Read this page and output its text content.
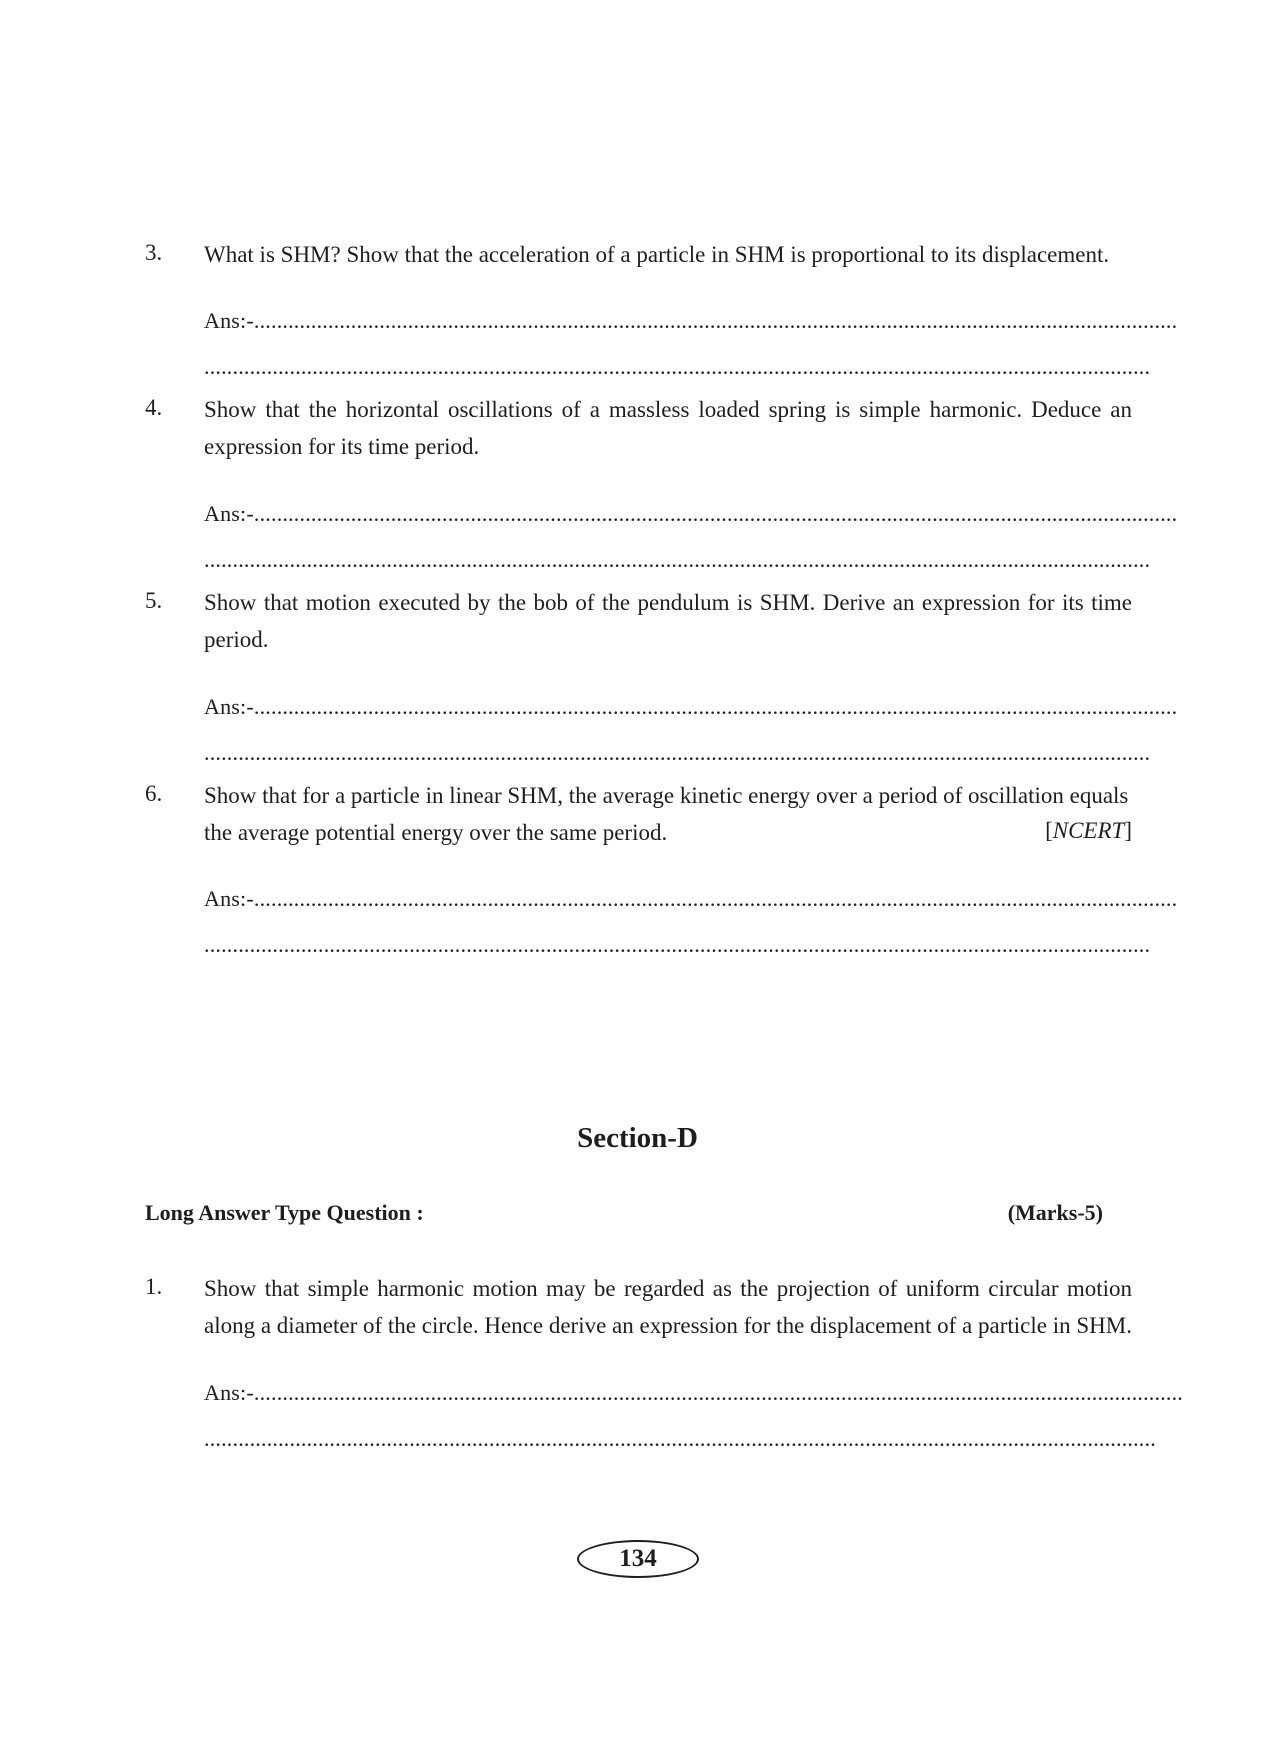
3. What is SHM? Show that the acceleration of a particle in SHM is proportional to its displacement.
Ans:-..................................................................................................................................................................
......................................................................................................................................................................
4. Show that the horizontal oscillations of a massless loaded spring is simple harmonic. Deduce an expression for its time period.
Ans:-..................................................................................................................................................................
......................................................................................................................................................................
5. Show that motion executed by the bob of the pendulum is SHM. Derive an expression for its time period.
Ans:-..................................................................................................................................................................
......................................................................................................................................................................
6. Show that for a particle in linear SHM, the average kinetic energy over a period of oscillation equals
the average potential energy over the same period.	[NCERT]
Ans:-..................................................................................................................................................................
......................................................................................................................................................................
Section-D
Long Answer Type Question :	(Marks-5)
1. Show that simple harmonic motion may be regarded as the projection of uniform circular motion along a diameter of the circle. Hence derive an expression for the displacement of a particle in SHM.
Ans:-...................................................................................................................................................................
.......................................................................................................................................................................
134
